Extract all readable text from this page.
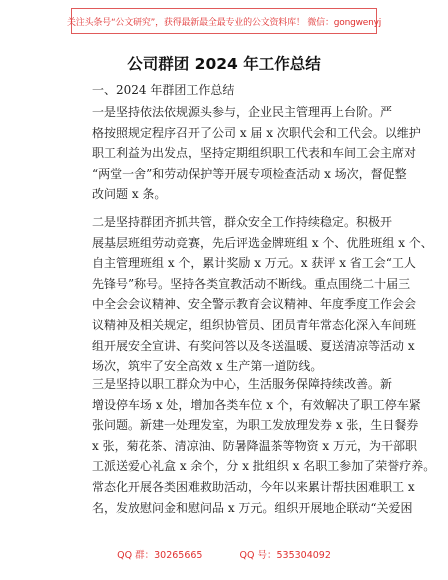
关注头条号“公文研究”，获得最新最全最专业的公文资料库！ 微信：gongwenyj
公司群团 2024 年工作总结
一、2024 年群团工作总结
一是坚持依法依规源头参与，企业民主管理再上台阶。严
格按照规定程序召开了公司 x 届 x 次职代会和工代会。以维护
职工利益为出发点，坚持定期组织职工代表和车间工会主席对
“两堂一舍”和劳动保护等开展专项检查活动 x 场次，督促整
改问题 x 条。
二是坚持群团齐抓共管，群众安全工作持续稳定。积极开
展基层班组劳动竞赛，先后评选金牌班组 x 个、优胜班组 x 个、
自主管理班组 x 个，累计奖励 x 万元。x 获评 x 省工会“工人
先锋号”称号。坚持各类宣教活动不断线。重点围绕二十届三
中全会会议精神、安全警示教育会议精神、年度季度工作会会
议精神及相关规定，组织协管员、团员青年常态化深入车间班
组开展安全宣讲、有奖问答以及冬送温暖、夏送清凉等活动 x
场次，筑牢了安全高效 x 生产第一道防线。
三是坚持以职工群众为中心，生活服务保障持续改善。新
增设停车场 x 处，增加各类车位 x 个，有效解决了职工停车紧
张问题。新建一处理发室，为职工发放理发券 x 张，生日餐券
x 张，菊花茶、清凉油、防暑降温茶等物资 x 万元，为干部职
工派送爱心礼盒 x 余个，分 x 批组织 x 名职工参加了荣誉疗养。
常态化开展各类困难救助活动，今年以来累计帮扶困难职工 x
名，发放慰问金和慰问品 x 万元。组织开展地企联动“关爱困
QQ 群：30265665	QQ 号：535304092
